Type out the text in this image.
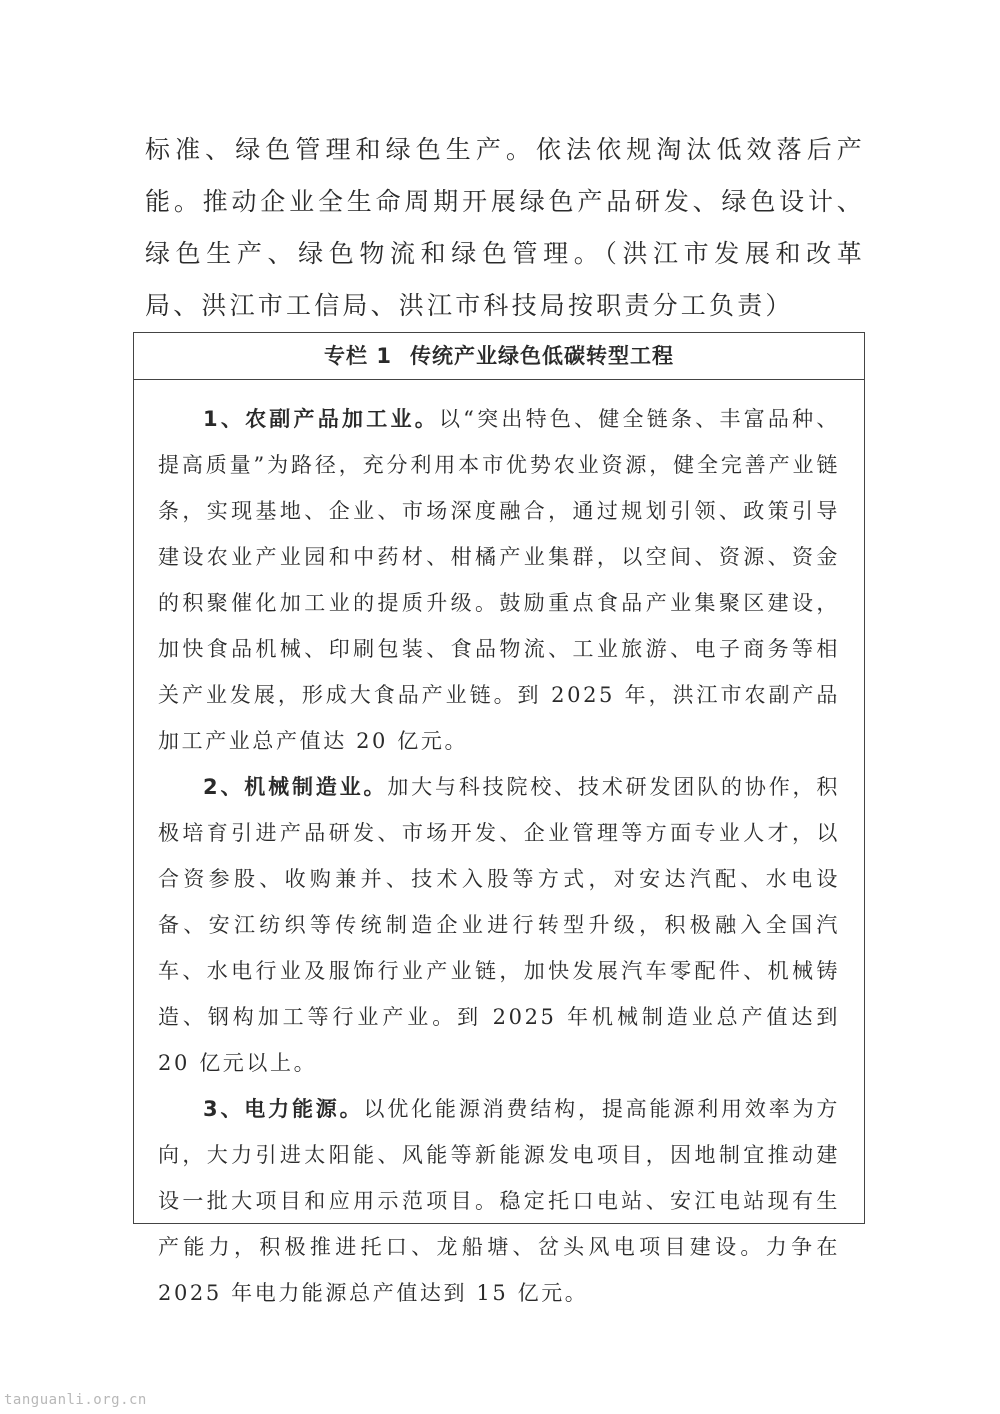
标准、绿色管理和绿色生产。依法依规淘汰低效落后产能。推动企业全生命周期开展绿色产品研发、绿色设计、绿色生产、绿色物流和绿色管理。（洪江市发展和改革局、洪江市工信局、洪江市科技局按职责分工负责）

专栏 1 传统产业绿色低碳转型工程

1、农副产品加工业。以“突出特色、健全链条、丰富品种、提高质量”为路径，充分利用本市优势农业资源，健全完善产业链条，实现基地、企业、市场深度融合，通过规划引领、政策引导建设农业产业园和中药材、柑橘产业集群，以空间、资源、资金的积聚催化加工业的提质升级。鼓励重点食品产业集聚区建设，加快食品机械、印刷包装、食品物流、工业旅游、电子商务等相关产业发展，形成大食品产业链。到 2025 年，洪江市农副产品加工产业总产值达 20 亿元。

2、机械制造业。加大与科技院校、技术研发团队的协作，积极培育引进产品研发、市场开发、企业管理等方面专业人才，以合资参股、收购兼并、技术入股等方式，对安达汽配、水电设备、安江纺织等传统制造企业进行转型升级，积极融入全国汽车、水电行业及服饰行业产业链，加快发展汽车零配件、机械铸造、钢构加工等行业产业。到 2025 年机械制造业总产值达到 20 亿元以上。

3、电力能源。以优化能源消费结构，提高能源利用效率为方向，大力引进太阳能、风能等新能源发电项目，因地制宜推动建设一批大项目和应用示范项目。稳定托口电站、安江电站现有生产能力，积极推进托口、龙船塘、岔头风电项目建设。力争在 2025 年电力能源总产值达到 15 亿元。

tanguanli.org.cn
